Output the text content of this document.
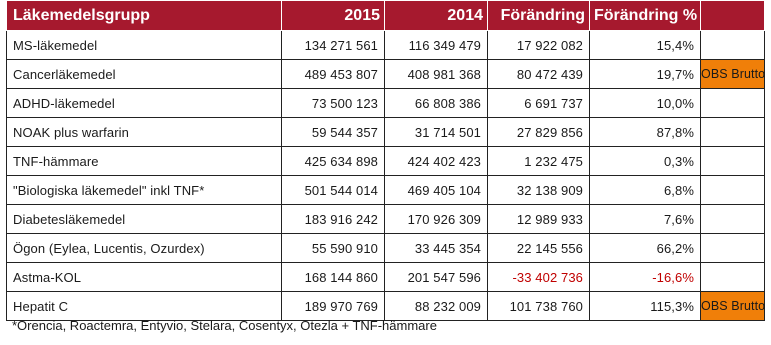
Läkemedelsgrupp	2015	2014	Förändring	Förändring %	
MS-läkemedel	134 271 561	116 349 479	17 922 082	15,4%	
Cancerläkemedel	489 453 807	408 981 368	80 472 439	19,7%	OBS Brutto
ADHD-läkemedel	73 500 123	66 808 386	6 691 737	10,0%	
NOAK plus warfarin	59 544 357	31 714 501	27 829 856	87,8%	
TNF-hämmare	425 634 898	424 402 423	1 232 475	0,3%	
"Biologiska läkemedel" inkl TNF*	501 544 014	469 405 104	32 138 909	6,8%	
Diabetesläkemedel	183 916 242	170 926 309	12 989 933	7,6%	
Ögon (Eylea, Lucentis, Ozurdex)	55 590 910	33 445 354	22 145 556	66,2%	
Astma-KOL	168 144 860	201 547 596	-33 402 736	-16,6%	
Hepatit C	189 970 769	88 232 009	101 738 760	115,3%	OBS Brutto
*Orencia, Roactemra, Entyvio, Stelara, Cosentyx, Otezla + TNF-hämmare
